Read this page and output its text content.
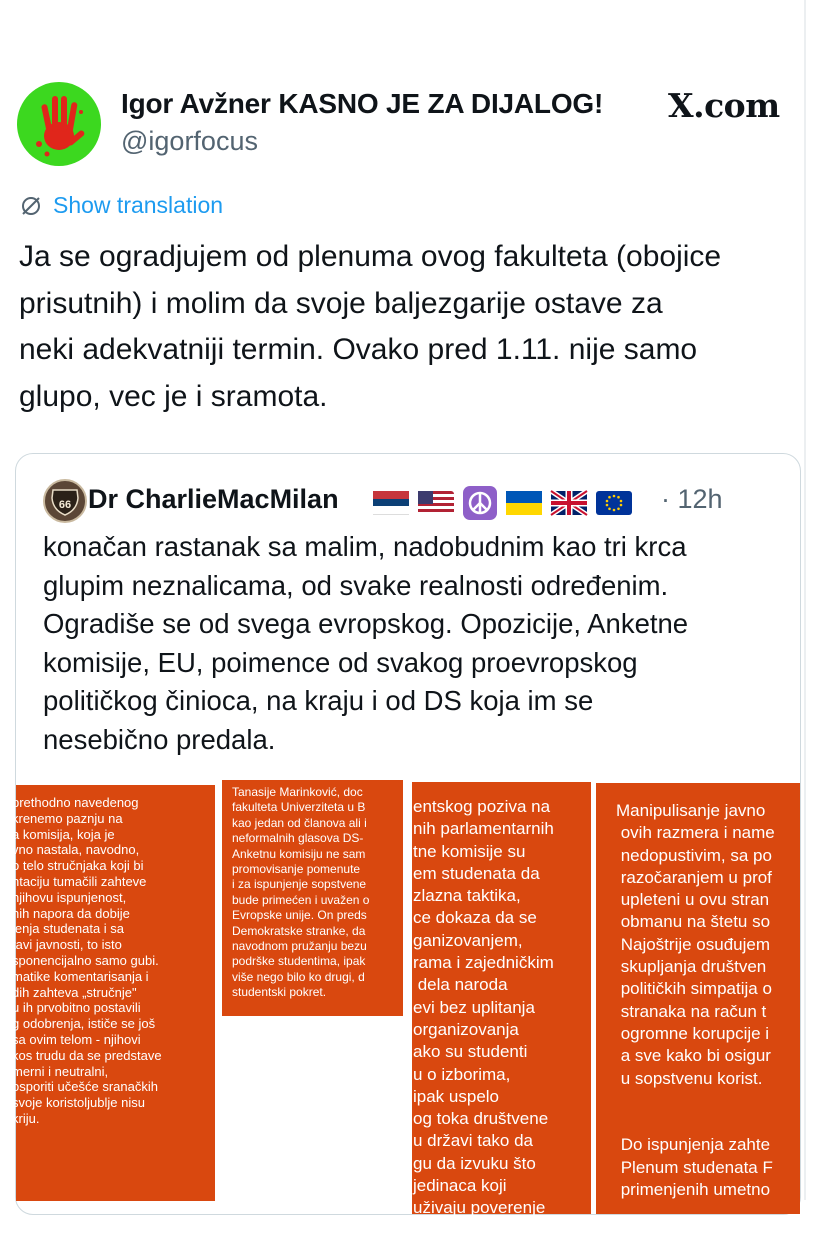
Igor Avžner KASNO JE ZA DIJALOG!
@igorfocus
X.com
Show translation
Ja se ogradjujem od plenuma ovog fakulteta (obojice
prisutnih) i molim da svoje baljezgarije ostave za
neki adekvatniji termin. Ovako pred 1.11. nije samo
glupo, vec je i sramota.
66 Dr CharlieMacMilan	· 12h
konačan rastanak sa malim, nadobudnim kao tri krca
glupim neznalicama, od svake realnosti određenim.
Ogradiše se od svega evropskog. Opozicije, Anketne
komisije, EU, poimence od svakog proevropskog
političkog činioca, na kraju i od DS koja im se
nesebično predala.
prethodno navedenog
krenemo paznju na
a komisija, koja je
vno nastala, navodno,
o telo stručnjaka koji bi
ntaciju tumačili zahteve
njihovu ispunjenost,
nih napora da dobije
jenja studenata i sa
tavi javnosti, to isto
sponencijalno samo gubi.
matike komentarisanja i
dih zahteva „stručnje"
u ih prvobitno postavili
g odobrenja, ističe se još
sa ovim telom - njihovi
kos trudu da se predstave
merni i neutralni,
osporiti učešće sranačkih
svoje koristoljublje nisu
kriju.
Tanasije Marinković, doc
fakulteta Univerziteta u B
kao jedan od članova ali i
neformalnih glasova DS-
Anketnu komisiju ne sam
promovisanje pomenute
i za ispunjenje sopstvene
bude primećen i uvažen o
Evropske unije. On preds
Demokratske stranke, da
navodnom pružanju bezu
podrške studentima, ipak
više nego bilo ko drugi, d
studentski pokret.
entskog poziva na
nih parlamentarnih
tne komisije su
em studenata da
zlazna taktika,
ce dokaza da se
ganizovanjem,
rama i zajedničkim
dela naroda
evi bez uplitanja
organizovanja
ako su studenti
u o izborima,
ipak uspelo
og toka društvene
u državi tako da
gu da izvuku što
jedinaca koji
uživaju poverenje
a.
Manipulisanje javno
ovih razmera i name
nedopustivim, sa po
razočaranjem u prof
upleteni u ovu stran
obmanu na štetu so
Najoštrije osuđujem
skupljanja društven
političkih simpatija o
stranaka na račun t
ogromne korupcije i
a sve kako bi osigur
u sopstvenu korist.

Do ispunjenja zahte
Plenum studenata F
primenjenih umetno
